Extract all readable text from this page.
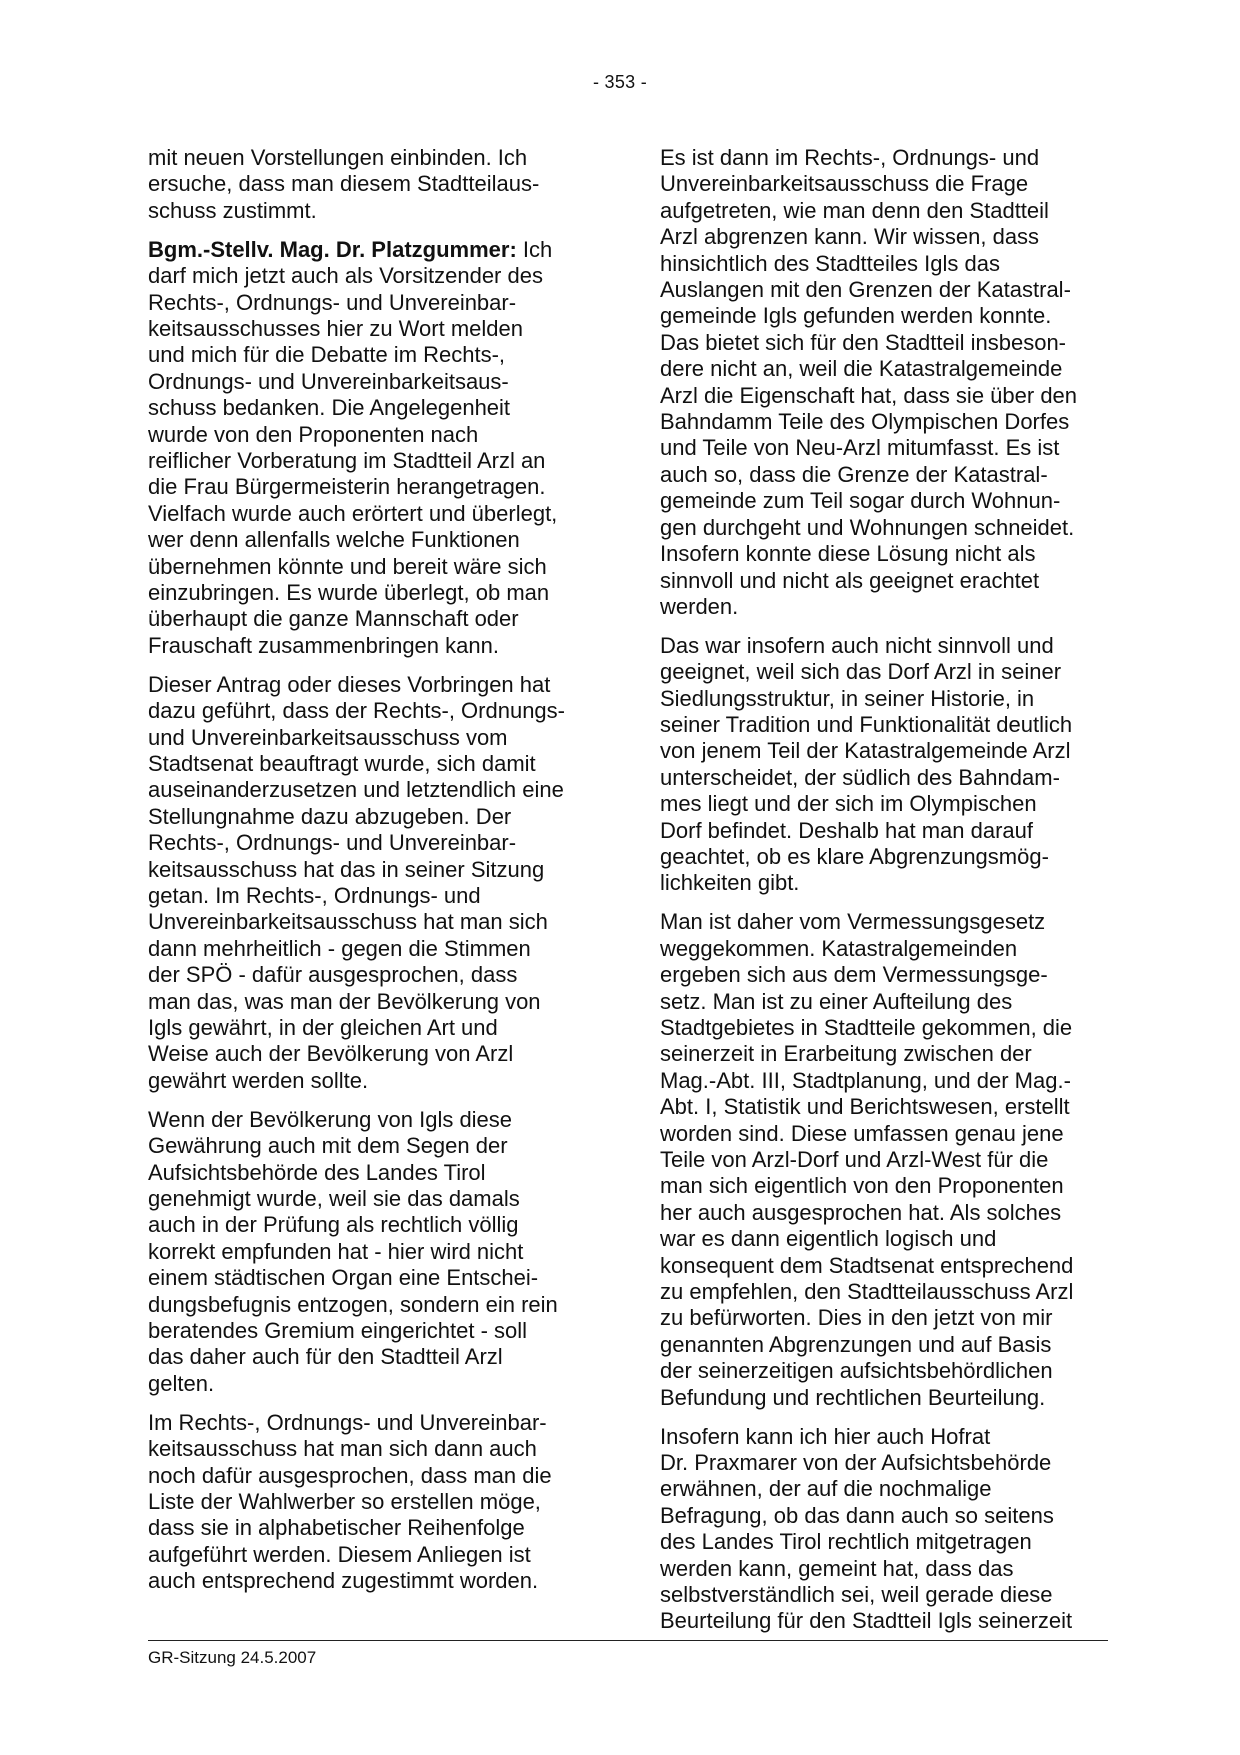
- 353 -
mit neuen Vorstellungen einbinden. Ich
ersuche, dass man diesem Stadtteilaus-
schuss zustimmt.
Bgm.-Stellv. Mag. Dr. Platzgummer: Ich
darf mich jetzt auch als Vorsitzender des
Rechts-, Ordnungs- und Unvereinbar-
keitsausschusses hier zu Wort melden
und mich für die Debatte im Rechts-,
Ordnungs- und Unvereinbarkeitsaus-
schuss bedanken. Die Angelegenheit
wurde von den Proponenten nach
reiflicher Vorberatung im Stadtteil Arzl an
die Frau Bürgermeisterin herangetragen.
Vielfach wurde auch erörtert und überlegt,
wer denn allenfalls welche Funktionen
übernehmen könnte und bereit wäre sich
einzubringen. Es wurde überlegt, ob man
überhaupt die ganze Mannschaft oder
Frauschaft zusammenbringen kann.
Dieser Antrag oder dieses Vorbringen hat
dazu geführt, dass der Rechts-, Ordnungs-
und Unvereinbarkeitsausschuss vom
Stadtsenat beauftragt wurde, sich damit
auseinanderzusetzen und letztendlich eine
Stellungnahme dazu abzugeben. Der
Rechts-, Ordnungs- und Unvereinbar-
keitsausschuss hat das in seiner Sitzung
getan. Im Rechts-, Ordnungs- und
Unvereinbarkeitsausschuss hat man sich
dann mehrheitlich - gegen die Stimmen
der SPÖ - dafür ausgesprochen, dass
man das, was man der Bevölkerung von
Igls gewährt, in der gleichen Art und
Weise auch der Bevölkerung von Arzl
gewährt werden sollte.
Wenn der Bevölkerung von Igls diese
Gewährung auch mit dem Segen der
Aufsichtsbehörde des Landes Tirol
genehmigt wurde, weil sie das damals
auch in der Prüfung als rechtlich völlig
korrekt empfunden hat - hier wird nicht
einem städtischen Organ eine Entschei-
dungsbefugnis entzogen, sondern ein rein
beratendes Gremium eingerichtet - soll
das daher auch für den Stadtteil Arzl
gelten.
Im Rechts-, Ordnungs- und Unvereinbar-
keitsausschuss hat man sich dann auch
noch dafür ausgesprochen, dass man die
Liste der Wahlwerber so erstellen möge,
dass sie in alphabetischer Reihenfolge
aufgeführt werden. Diesem Anliegen ist
auch entsprechend zugestimmt worden.
Es ist dann im Rechts-, Ordnungs- und
Unvereinbarkeitsausschuss die Frage
aufgetreten, wie man denn den Stadtteil
Arzl abgrenzen kann. Wir wissen, dass
hinsichtlich des Stadtteiles Igls das
Auslangen mit den Grenzen der Katastral-
gemeinde Igls gefunden werden konnte.
Das bietet sich für den Stadtteil insbeson-
dere nicht an, weil die Katastralgemeinde
Arzl die Eigenschaft hat, dass sie über den
Bahndamm Teile des Olympischen Dorfes
und Teile von Neu-Arzl mitumfasst. Es ist
auch so, dass die Grenze der Katastral-
gemeinde zum Teil sogar durch Wohnun-
gen durchgeht und Wohnungen schneidet.
Insofern konnte diese Lösung nicht als
sinnvoll und nicht als geeignet erachtet
werden.
Das war insofern auch nicht sinnvoll und
geeignet, weil sich das Dorf Arzl in seiner
Siedlungsstruktur, in seiner Historie, in
seiner Tradition und Funktionalität deutlich
von jenem Teil der Katastralgemeinde Arzl
unterscheidet, der südlich des Bahndam-
mes liegt und der sich im Olympischen
Dorf befindet. Deshalb hat man darauf
geachtet, ob es klare Abgrenzungsmög-
lichkeiten gibt.
Man ist daher vom Vermessungsgesetz
weggekommen. Katastralgemeinden
ergeben sich aus dem Vermessungsge-
setz. Man ist zu einer Aufteilung des
Stadtgebietes in Stadtteile gekommen, die
seinerzeit in Erarbeitung zwischen der
Mag.-Abt. III, Stadtplanung, und der Mag.-
Abt. I, Statistik und Berichtswesen, erstellt
worden sind. Diese umfassen genau jene
Teile von Arzl-Dorf und Arzl-West für die
man sich eigentlich von den Proponenten
her auch ausgesprochen hat. Als solches
war es dann eigentlich logisch und
konsequent dem Stadtsenat entsprechend
zu empfehlen, den Stadtteilausschuss Arzl
zu befürworten. Dies in den jetzt von mir
genannten Abgrenzungen und auf Basis
der seinerzeitigen aufsichtsbehördlichen
Befundung und rechtlichen Beurteilung.
Insofern kann ich hier auch Hofrat
Dr. Praxmarer von der Aufsichtsbehörde
erwähnen, der auf die nochmalige
Befragung, ob das dann auch so seitens
des Landes Tirol rechtlich mitgetragen
werden kann, gemeint hat, dass das
selbstverständlich sei, weil gerade diese
Beurteilung für den Stadtteil Igls seinerzeit
GR-Sitzung 24.5.2007
